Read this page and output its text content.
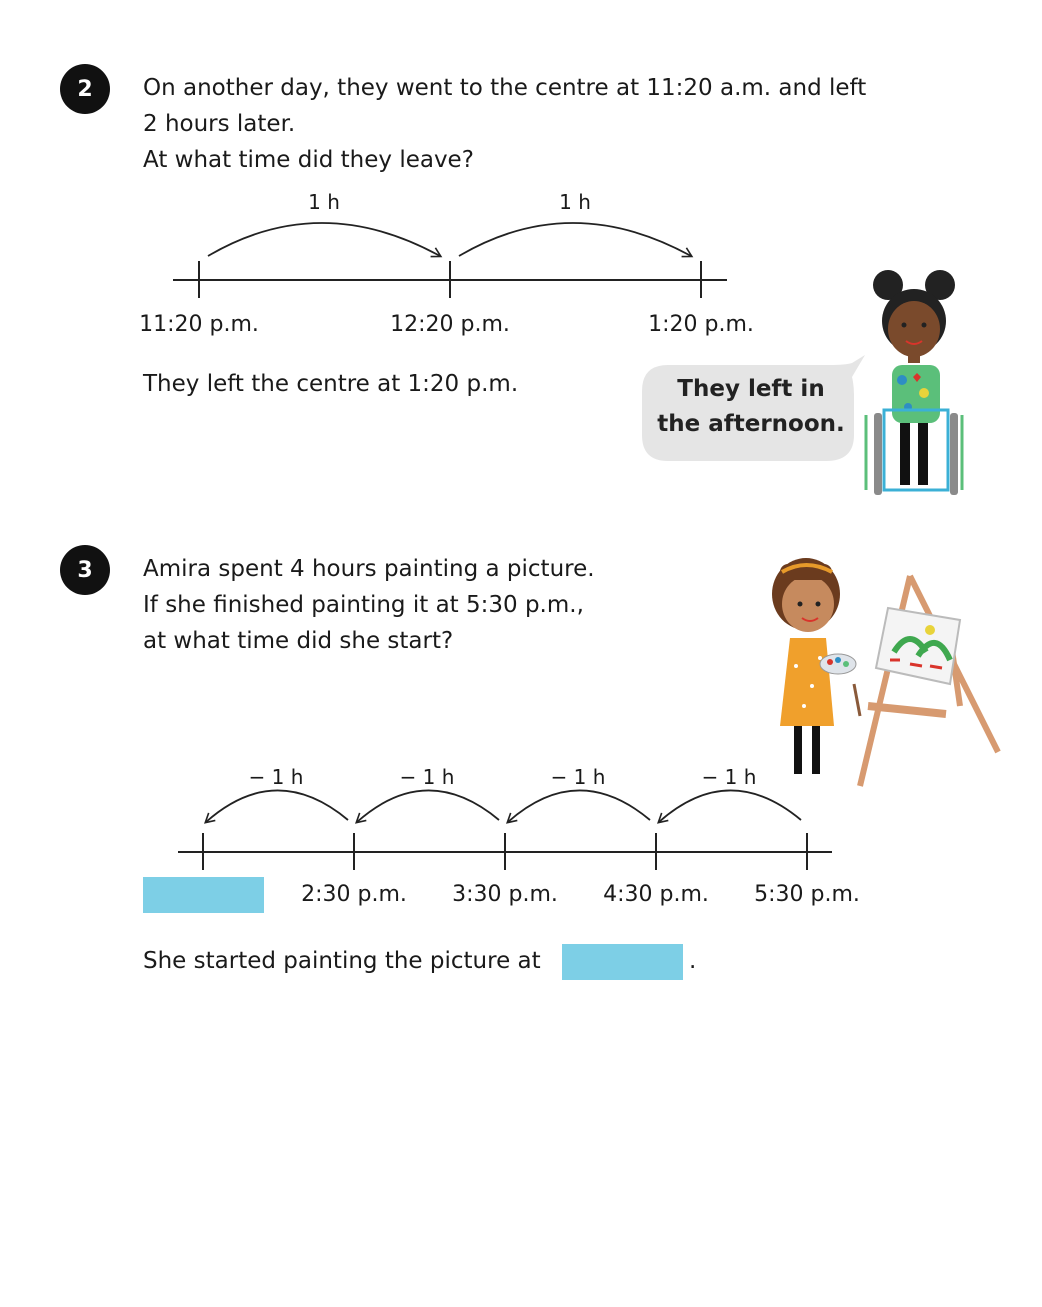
2	On another day, they went to the centre at 11:20 a.m. and left
2 hours later.
At what time did they leave?
1 h	1 h
11:20 p.m.	12:20 p.m.	1:20 p.m.
They left the centre at 1:20 p.m.	They left in
the afternoon.
3	Amira spent 4 hours painting a picture.
If she finished painting it at 5:30 p.m.,
at what time did she start?
− 1 h	− 1 h	− 1 h	− 1 h
2:30 p.m. 3:30 p.m. 4:30 p.m. 5:30 p.m.
She started painting the picture at	.
